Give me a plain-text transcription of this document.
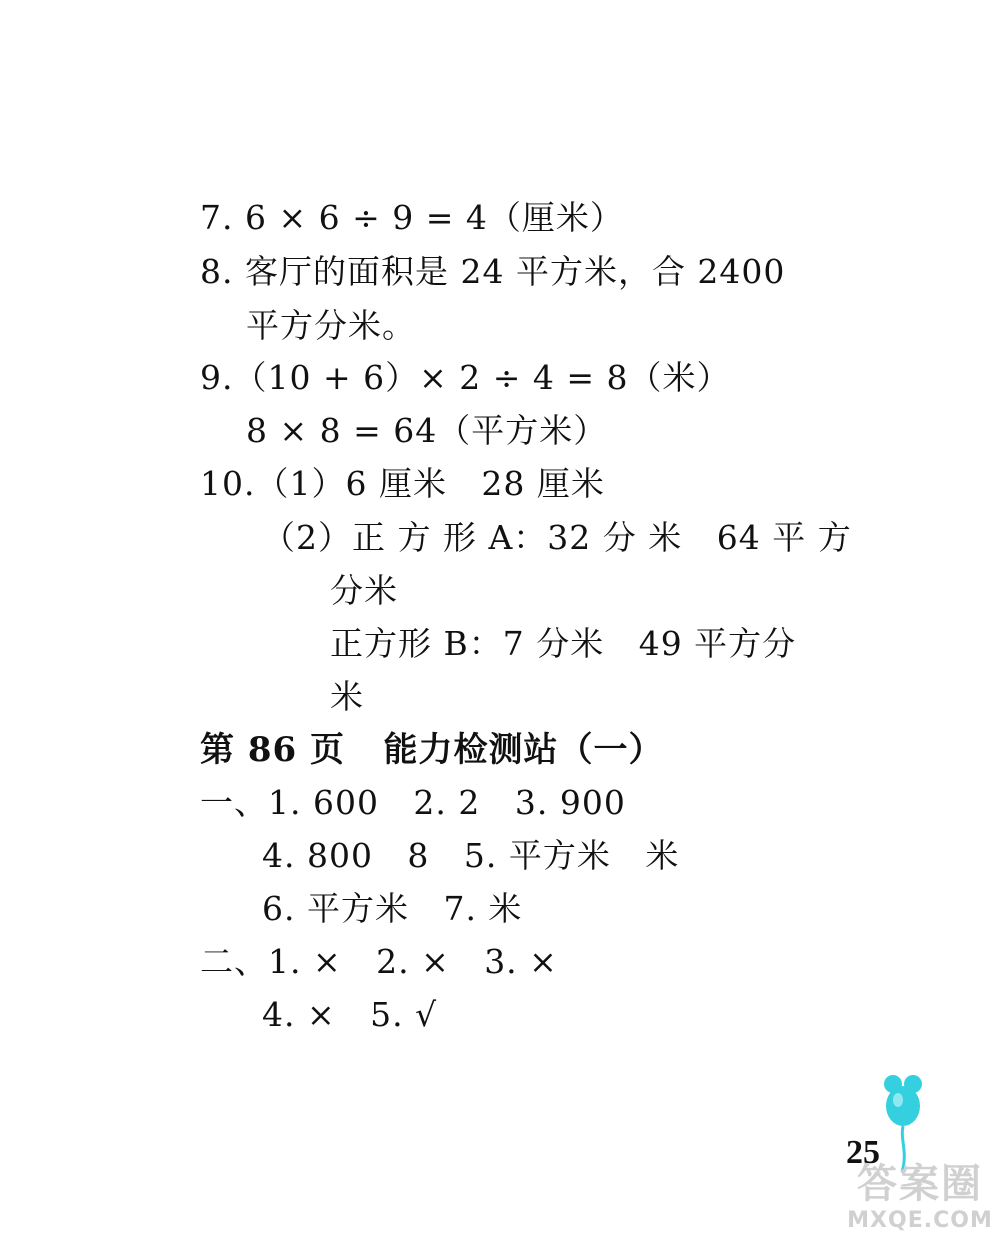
7. 6 × 6 ÷ 9 = 4（厘米）
8. 客厅的面积是 24 平方米，合 2400
平方分米。
9.（10 + 6）× 2 ÷ 4 = 8（米）
8 × 8 = 64（平方米）
10.（1）6 厘米   28 厘米
（2）正 方 形 A：32 分 米   64 平 方
分米
正方形 B：7 分米   49 平方分
米
第 86 页   能力检测站（一）
一、1. 600   2. 2   3. 900
4. 800   8   5. 平方米   米
6. 平方米   7. 米
二、1. ×   2. ×   3. ×
4. ×   5. √
25
答案圈
MXQE.COM
